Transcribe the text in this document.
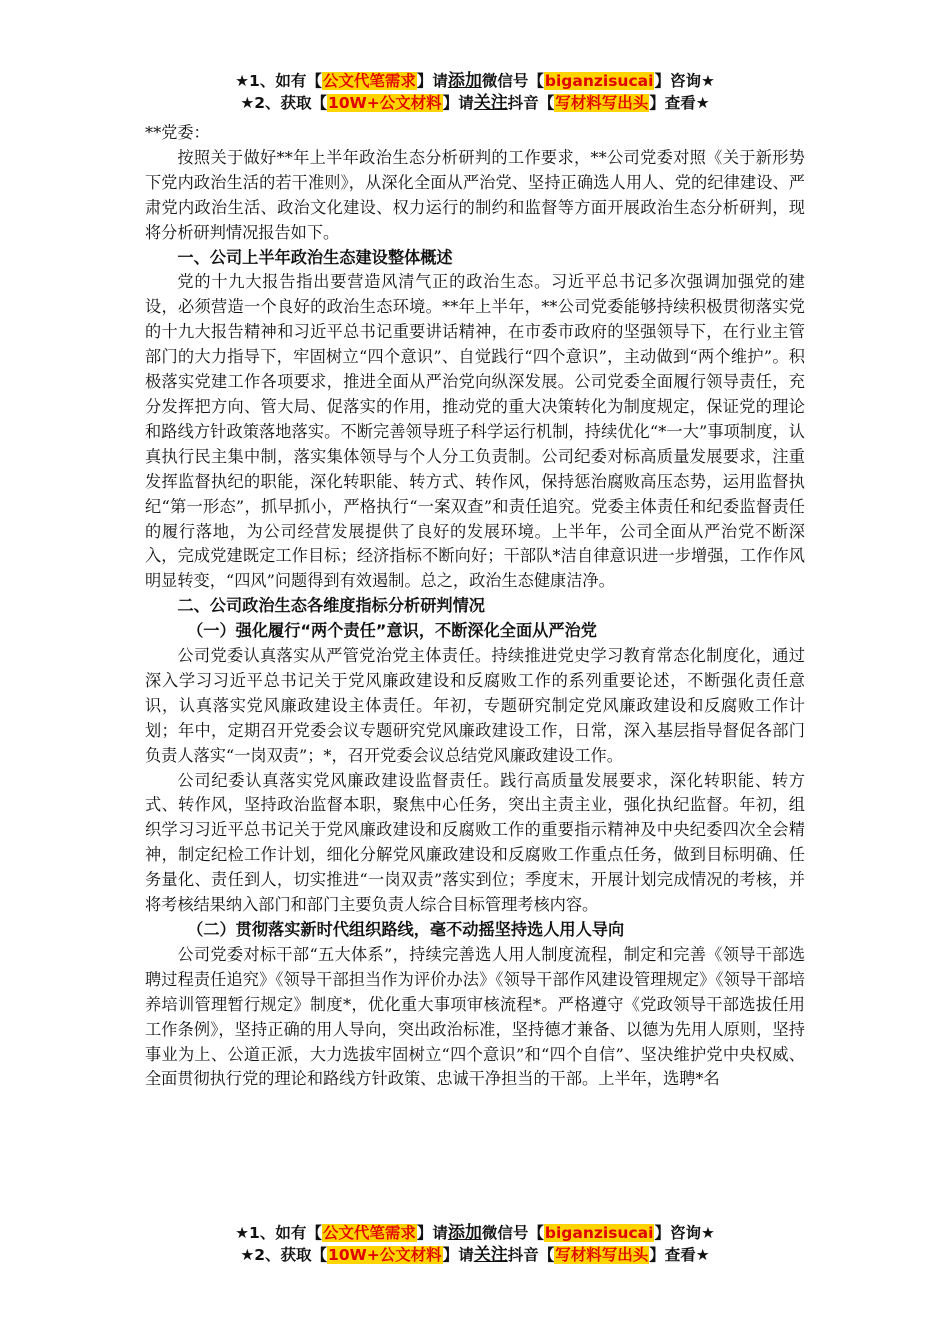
★1、如有【公文代笔需求】请添加微信号【biganzisucai】咨询★
★2、获取【10W+公文材料】请关注抖音【写材料写出头】查看★

**党委：

按照关于做好**年上半年政治生态分析研判的工作要求，**公司党委对照《关于新形势下党内政治生活的若干准则》，从深化全面从严治党、坚持正确选人用人、党的纪律建设、严肃党内政治生活、政治文化建设、权力运行的制约和监督等方面开展政治生态分析研判，现将分析研判情况报告如下。

一、公司上半年政治生态建设整体概述

党的十九大报告指出要营造风清气正的政治生态。习近平总书记多次强调加强党的建设，必须营造一个良好的政治生态环境。**年上半年，**公司党委能够持续积极贯彻落实党的十九大报告精神和习近平总书记重要讲话精神，在市委市政府的坚强领导下，在行业主管部门的大力指导下，牢固树立“四个意识”、自觉践行“四个意识”，主动做到“两个维护”。积极落实党建工作各项要求，推进全面从严治党向纵深发展。公司党委全面履行领导责任，充分发挥把方向、管大局、促落实的作用，推动党的重大决策转化为制度规定，保证党的理论和路线方针政策落地落实。不断完善领导班子科学运行机制，持续优化“*一大”事项制度，认真执行民主集中制，落实集体领导与个人分工负责制。公司纪委对标高质量发展要求，注重发挥监督执纪的职能，深化转职能、转方式、转作风，保持惩治腐败高压态势，运用监督执纪“第一形态”，抓早抓小，严格执行“一案双查”和责任追究。党委主体责任和纪委监督责任的履行落地，为公司经营发展提供了良好的发展环境。上半年，公司全面从严治党不断深入，完成党建既定工作目标；经济指标不断向好；干部队*洁自律意识进一步增强，工作作风明显转变，“四风”问题得到有效遏制。总之，政治生态健康洁净。

二、公司政治生态各维度指标分析研判情况

（一）强化履行“两个责任”意识，不断深化全面从严治党

公司党委认真落实从严管党治党主体责任。持续推进党史学习教育常态化制度化，通过深入学习习近平总书记关于党风廉政建设和反腐败工作的系列重要论述，不断强化责任意识，认真落实党风廉政建设主体责任。年初，专题研究制定党风廉政建设和反腐败工作计划；年中，定期召开党委会议专题研究党风廉政建设工作，日常，深入基层指导督促各部门负责人落实“一岗双责”；*，召开党委会议总结党风廉政建设工作。

公司纪委认真落实党风廉政建设监督责任。践行高质量发展要求，深化转职能、转方式、转作风，坚持政治监督本职，聚焦中心任务，突出主责主业，强化执纪监督。年初，组织学习习近平总书记关于党风廉政建设和反腐败工作的重要指示精神及中央纪委四次全会精神，制定纪检工作计划，细化分解党风廉政建设和反腐败工作重点任务，做到目标明确、任务量化、责任到人，切实推进“一岗双责”落实到位；季度末，开展计划完成情况的考核，并将考核结果纳入部门和部门主要负责人综合目标管理考核内容。

（二）贯彻落实新时代组织路线，毫不动摇坚持选人用人导向

公司党委对标干部“五大体系”，持续完善选人用人制度流程，制定和完善《领导干部选聘过程责任追究》《领导干部担当作为评价办法》《领导干部作风建设管理规定》《领导干部培养培训管理暂行规定》制度*，优化重大事项审核流程*。严格遵守《党政领导干部选拔任用工作条例》，坚持正确的用人导向，突出政治标准，坚持德才兼备、以德为先用人原则，坚持事业为上、公道正派，大力选拔牢固树立“四个意识”和“四个自信”、坚决维护党中央权威、全面贯彻执行党的理论和路线方针政策、忠诚干净担当的干部。上半年，选聘*名

★1、如有【公文代笔需求】请添加微信号【biganzisucai】咨询★
★2、获取【10W+公文材料】请关注抖音【写材料写出头】查看★
